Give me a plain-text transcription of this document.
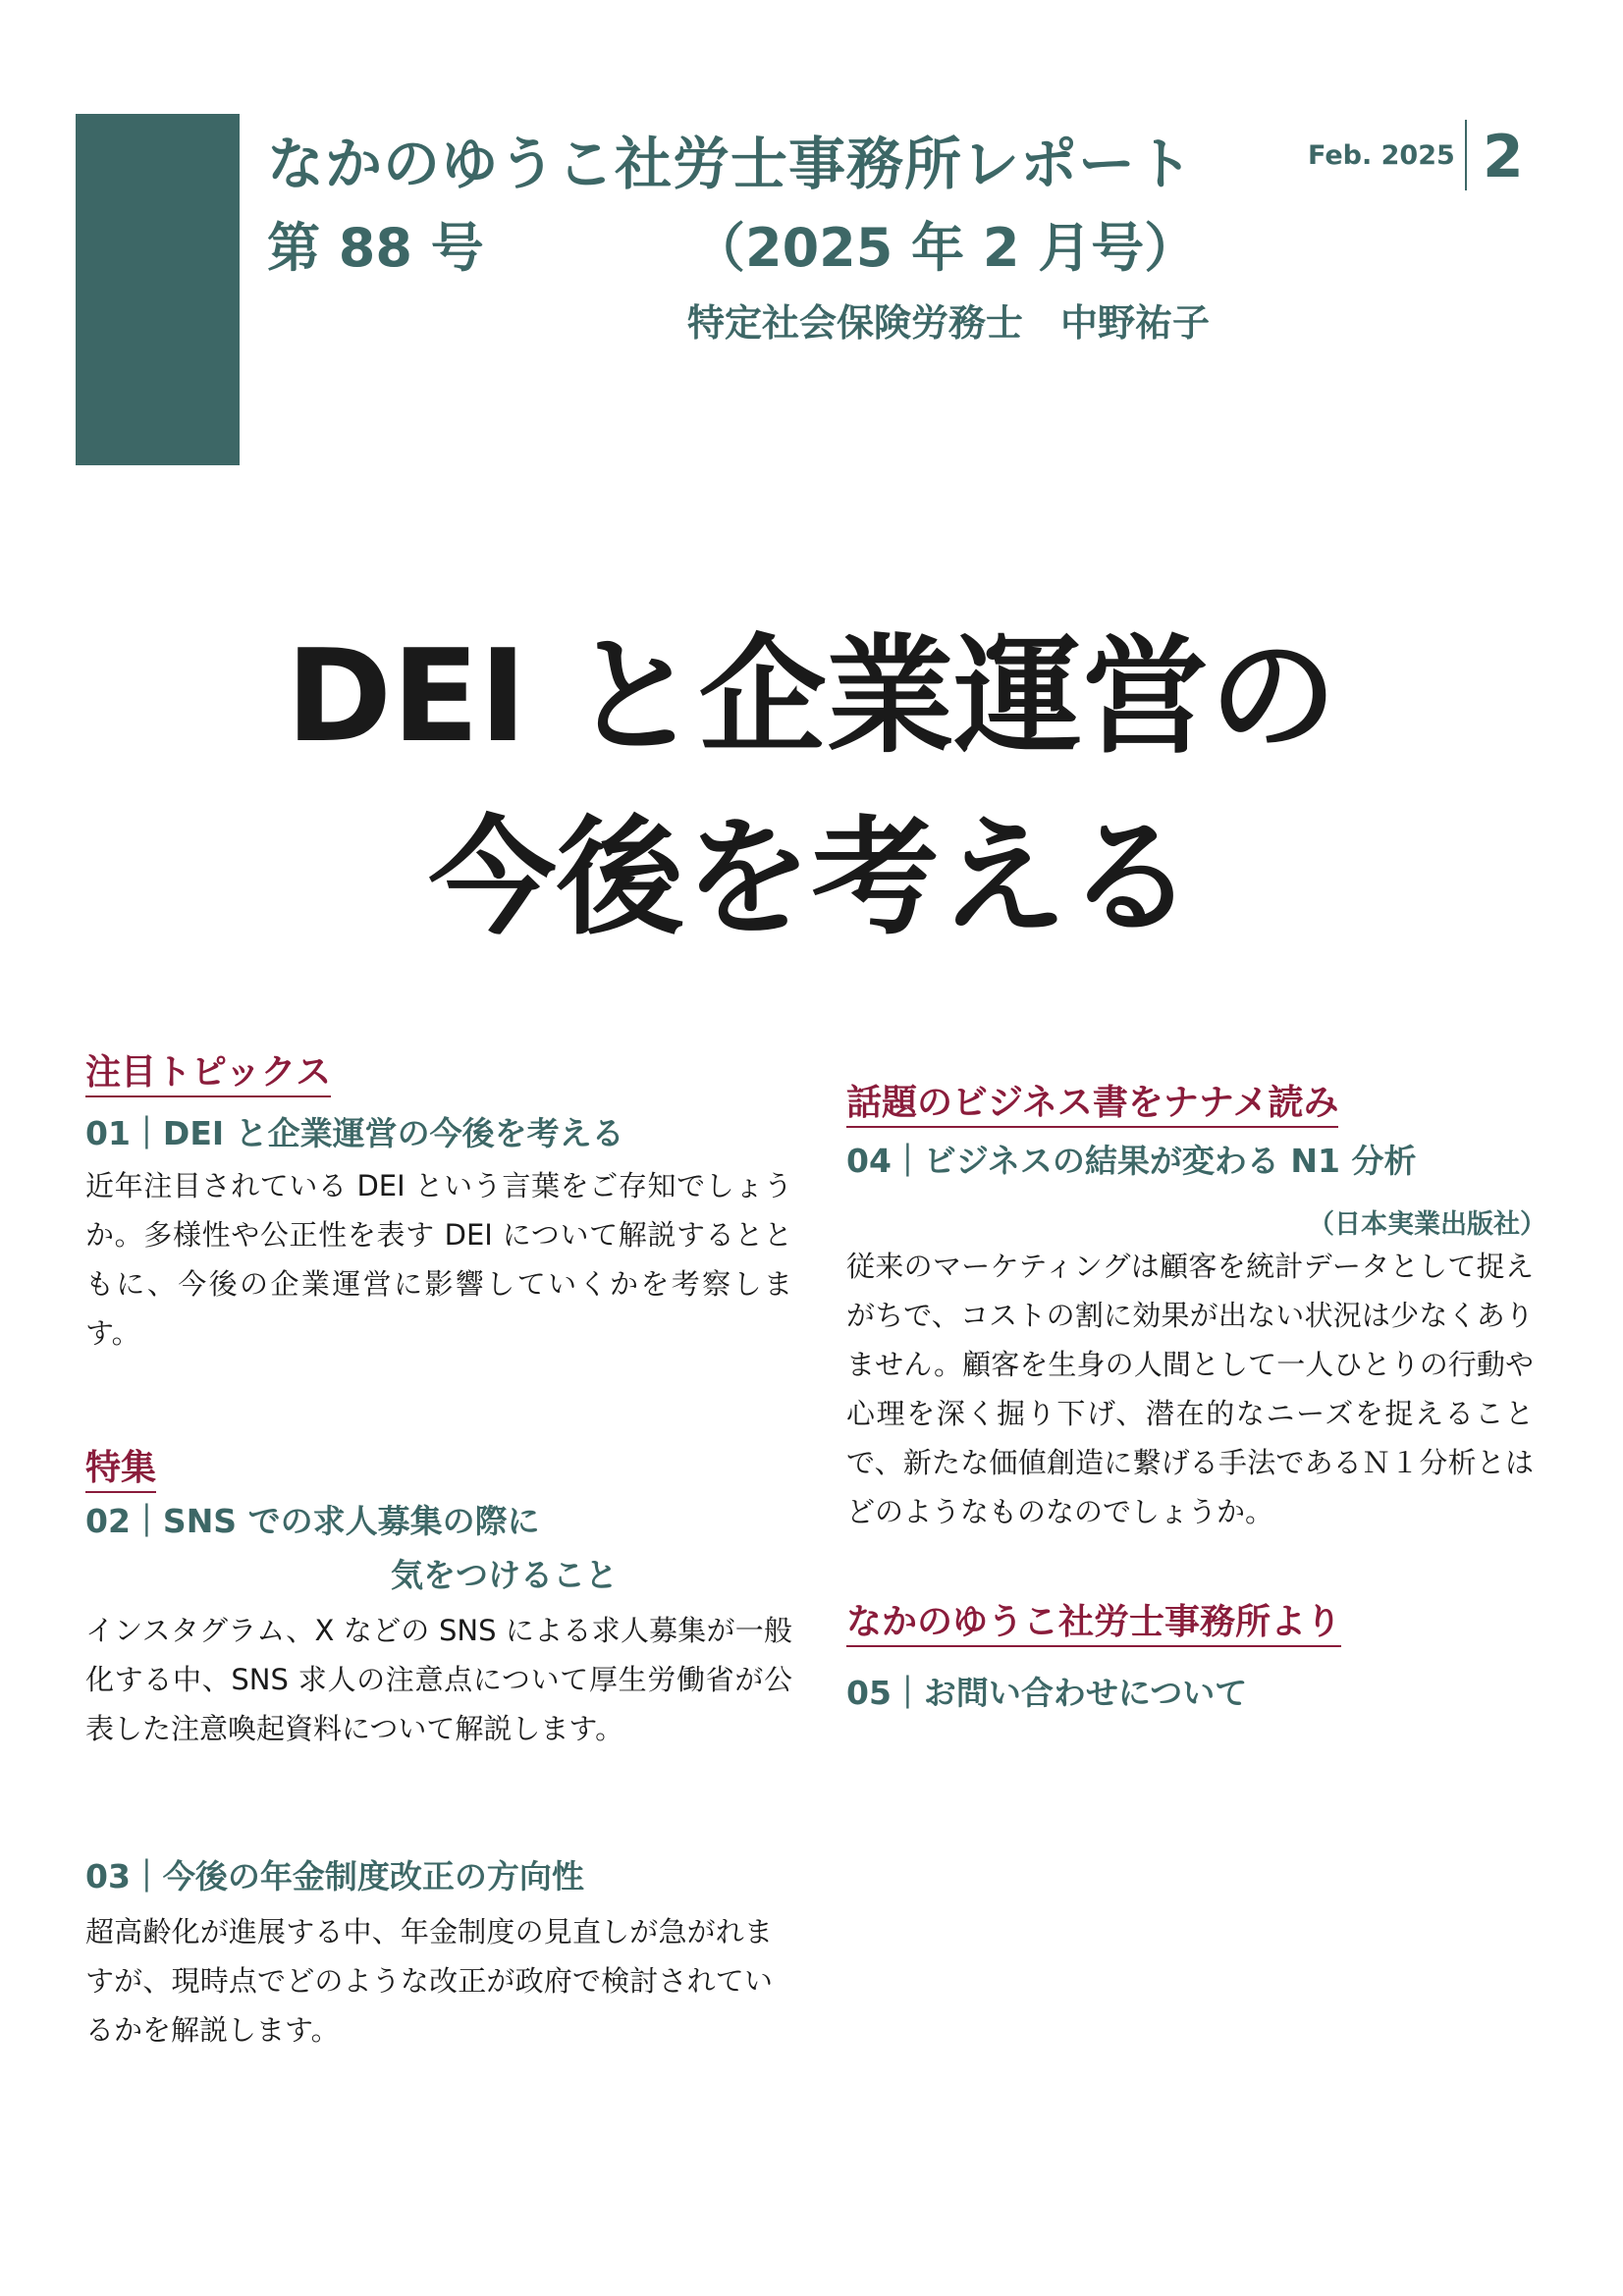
なかのゆうこ社労士事務所レポート
第 88 号	（2025 年 2 月号）
特定社会保険労務士　中野祐子
Feb. 2025 2
DEI と企業運営の
今後を考える
注目トピックス
01｜DEI と企業運営の今後を考える
近年注目されている DEI という言葉をご存知でしょうか。多様性や公正性を表す DEI について解説するとともに、今後の企業運営に影響していくかを考察します。
特集
02｜SNS での求人募集の際に
気をつけること
インスタグラム、X などの SNS による求人募集が一般化する中、SNS 求人の注意点について厚生労働省が公表した注意喚起資料について解説します。
03｜今後の年金制度改正の方向性
超高齢化が進展する中、年金制度の見直しが急がれますが、現時点でどのような改正が政府で検討されているかを解説します。
話題のビジネス書をナナメ読み
04｜ビジネスの結果が変わる N1 分析
（日本実業出版社）
従来のマーケティングは顧客を統計データとして捉えがちで、コストの割に効果が出ない状況は少なくありません。顧客を生身の人間として一人ひとりの行動や心理を深く掘り下げ、潜在的なニーズを捉えることで、新たな価値創造に繋げる手法であるＮ１分析とはどのようなものなのでしょうか。
なかのゆうこ社労士事務所より
05｜お問い合わせについて
